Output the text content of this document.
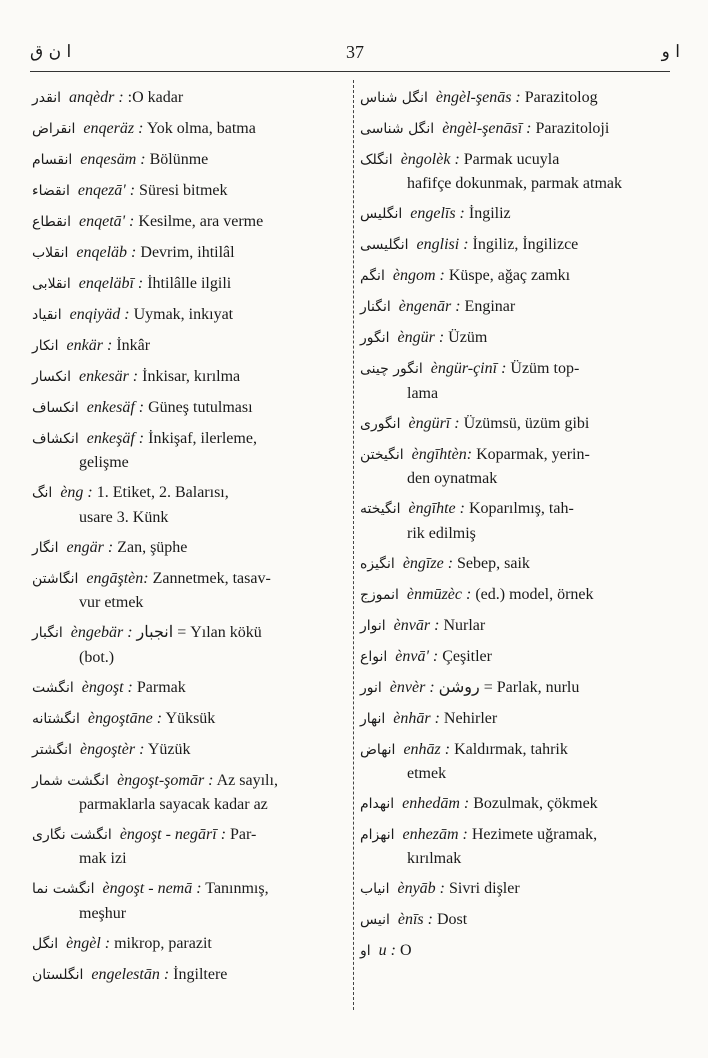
ا ن ق	37	ا و
انقدر anqèdr : :O kadar
انقراض enqeräz : Yok olma, batma
انقسام enqesäm : Bölünme
انقضاء enqezā' : Süresi bitmek
انقطاع enqetā' : Kesilme, ara verme
انقلاب enqeläb : Devrim, ihtilâl
انقلابى enqeläbī : İhtilâlle ilgili
انقياد enqiyäd : Uymak, inkıyat
انكار enkär : İnkâr
انكسار enkesär : İnkisar, kırılma
انكساف enkesäf : Güneş tutulması
انكشاف enkeşäf : İnkişaf, ilerleme,
gelişme
انگ èng : 1. Etiket, 2. Balarısı,
usare 3. Künk
انگار engär : Zan, şüphe
انگاشتن engāştèn: Zannetmek, tasav-
vur etmek
انگبار èngebär : انجبار = Yılan kökü
(bot.)
انگشت èngoşt : Parmak
انگشتانه èngoştāne : Yüksük
انگشتر èngoştèr : Yüzük
انگشت شمار èngoşt-şomār : Az sayılı,
parmaklarla sayacak kadar az
انگشت نگارى èngoşt - negārī : Par-
mak izi
انگشت نما èngoşt - nemā : Tanınmış,
meşhur
انگل èngèl : mikrop, parazit
انگلستان engelestān : İngiltere
انگل شناس èngèl-şenās : Parazitolog
انگل شناسى èngèl-şenāsī : Parazitoloji
انگلک èngolèk : Parmak ucuyla
hafifçe dokunmak, parmak atmak
انگليس engelīs : İngiliz
انگليسى englisi : İngiliz, İngilizce
انگم èngom : Küspe, ağaç zamkı
انگنار èngenār : Enginar
انگور èngür : Üzüm
انگور چينى èngür-çinī : Üzüm top-
lama
انگورى èngürī : Üzümsü, üzüm gibi
انگيختن èngīhtèn: Koparmak, yerin-
den oynatmak
انگيخته èngīhte : Koparılmış, tah-
rik edilmiş
انگيزه èngīze : Sebep, saik
انموزج ènmūzèc : (ed.) model, örnek
انوار ènvār : Nurlar
انواع ènvā' : Çeşitler
انور ènvèr : روشن = Parlak, nurlu
انهار ènhār : Nehirler
انهاض enhāz : Kaldırmak, tahrik
etmek
انهدام enhedām : Bozulmak, çökmek
انهزام enhezām : Hezimete uğramak,
kırılmak
انياب ènyāb : Sivri dişler
انيس ènīs : Dost
او u : O
